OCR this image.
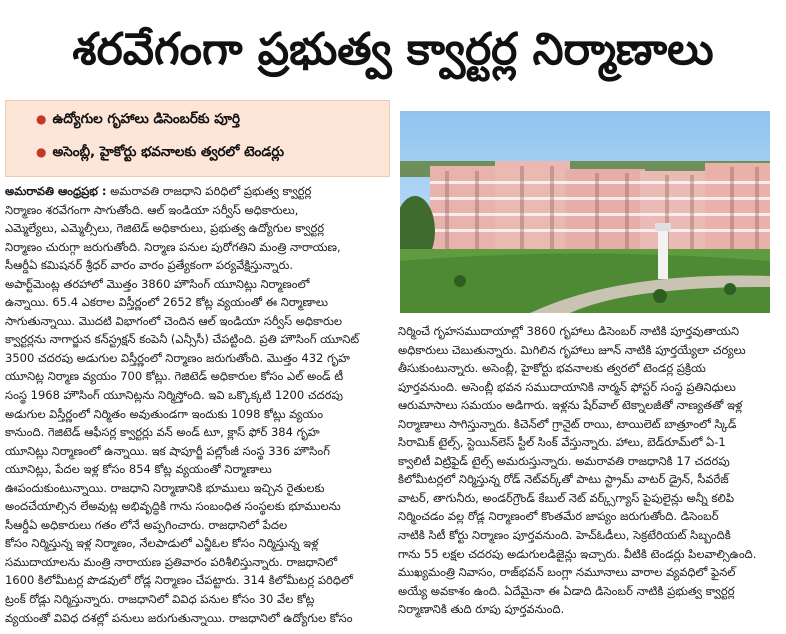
శరవేగంగా ప్రభుత్వ క్వార్టర్ల నిర్మాణాలు
● ఉద్యోగుల గృహాలు డిసెంబర్‌కు పూర్తి
● అసెంబ్లీ, హైకోర్టు భవనాలకు త్వరలో టెండర్లు
అమరావతి ఆంధ్రప్రభ : అమరావతి రాజధాని పరిధిలో ప్రభుత్వ క్వార్టర్ల
నిర్మాణం శరవేగంగా సాగుతోంది. ఆల్ ఇండియా సర్వీస్ అధికారులు,
ఎమ్మెల్యేలు, ఎమ్మెల్సీలు, గెజిటెడ్ అధికారులు, ప్రభుత్వ ఉద్యోగుల క్వార్టర్ల
నిర్మాణం చురుగ్గా జరుగుతోంది. నిర్మాణ పనుల పురోగతిని మంత్రి నారాయణ,
సీఆర్డీఏ కమిషనర్ శ్రీధర్ వారం వారం ప్రత్యేకంగా పర్యవేక్షిస్తున్నారు.
అపార్ట్‌మెంట్ల తరహాలో మొత్తం 3860 హౌసింగ్ యూనిట్లు నిర్మాణంలో
ఉన్నాయి. 65.4 ఎకరాల విస్తీర్ణంలో 2652 కోట్ల వ్యయంతో ఈ నిర్మాణాలు
సాగుతున్నాయి. మొదటి విభాగంలో చెందిన ఆల్ ఇండియా సర్వీస్ అధికారుల
క్వార్టర్లను నాగార్జున కన్‌స్ట్రక్షన్ కంపెనీ (ఎన్సీసీ) చేపట్టింది. ప్రతి హౌసింగ్ యూనిట్
3500 చదరపు అడుగుల విస్తీర్ణంలో నిర్మాణం జరుగుతోంది. మొత్తం 432 గృహ
యూనిట్ల నిర్మాణ వ్యయం 700 కోట్లు. గెజిటెడ్ అధికారుల కోసం ఎల్ అండ్ టీ
సంస్థ 1968 హౌసింగ్ యూనిట్లను నిర్మిస్తోంది. ఇవి ఒక్కొక్కటి 1200 చదరపు
అడుగుల విస్తీర్ణంలో నిర్మితం అవుతుండగా ఇందుకు 1098 కోట్లు వ్యయం
కానుంది. గెజిటెడ్ ఆఫీసర్ల క్వార్టర్లు వన్ అండ్ టూ, క్లాస్ ఫోర్ 384 గృహ
యూనిట్లు నిర్మాణంలో ఉన్నాయి. ఇక షాపూర్జీ పల్లోంజీ సంస్థ 336 హౌసింగ్
యూనిట్లు, పేదల ఇళ్ల కోసం 854 కోట్ల వ్యయంతో నిర్మాణాలు
ఊపందుకుంటున్నాయి. రాజధాని నిర్మాణానికి భూములు ఇచ్చిన రైతులకు
అందచేయాల్సిన లేఅవుట్ల అభివృద్ధికి గాను సంబంధిత సంస్థలకు భూములను
సీఆర్డీఏ అధికారులు గతం లోనే అప్పగించారు. రాజధానిలో పేదల
కోసం నిర్మిస్తున్న ఇళ్ల నిర్మాణం, నేలపాడులో ఎన్జీఓల కోసం నిర్మిస్తున్న ఇళ్ల
సముదాయాలను మంత్రి నారాయణ ప్రతివారం పరిశీలిస్తున్నారు. రాజధానిలో
1600 కిలోమీటర్ల పొడవులో రోడ్ల నిర్మాణం చేపట్టారు. 314 కిలోమీటర్ల పరిధిలో
ట్రంక్ రోడ్లు నిర్మిస్తున్నారు. రాజధానిలో వివిధ పనుల కోసం 30 వేల కోట్ల
వ్యయంతో వివిధ దశల్లో పనులు జరుగుతున్నాయి. రాజధానిలో ఉద్యోగుల కోసం
నిర్మించే గృహసముదాయాల్లో 3860 గృహాలు డిసెంబర్ నాటికి పూర్తవుతాయని
అధికారులు చెబుతున్నారు. మిగిలిన గృహాలు జూన్ నాటికి పూర్తయ్యేలా చర్యలు
తీసుకుంటున్నారు. అసెంబ్లీ, హైకోర్టు భవనాలకు త్వరలో టెండర్ల ప్రక్రియ
పూర్తవనుంది. అసెంబ్లీ భవన సముదాయానికి నార్మన్ ఫోస్టర్ సంస్థ ప్రతినిధులు
ఆరుమాసాలు సమయం అడిగారు. ఇళ్లను షేర్‌వాల్ టెక్నాలజీతో నాణ్యతతో ఇళ్ల
నిర్మాణాలు సాగిస్తున్నారు. కిచెన్‌లో గ్రానైట్ రాయి, టాయిలెట్ బాత్రూంలో స్కిడ్
సిరామిక్ టైల్స్, స్టెయిన్‌లెస్ స్టీల్ సింక్ వేస్తున్నారు. హాలు, బెడ్‌రూమ్‌లో ఏ-1
క్వాలిటీ విట్రిఫైడ్ టైల్స్ అమరుస్తున్నారు. అమరావతి రాజధానికి 17 చదరపు
కిలోమీటర్లలో నిర్మిస్తున్న రోడ్ నెట్‌వర్క్‌తో పాటు స్ట్రామ్ వాటర్ డ్రైన్, సీవరేజ్
వాటర్, తాగునీరు, అండర్‌గ్రౌండ్ కేబుల్ నెట్ వర్క్స్‌గ్యాస్ పైపులైన్లు అన్నీ కలిపి
నిర్మించడం వల్ల రోడ్ల నిర్మాణంలో కొంతమేర జాప్యం జరుగుతోంది. డిసెంబర్
నాటికి సిటీ కోర్టు నిర్మాణం పూర్తవనుంది. హెచ్ఓడీలు, సెక్రటేరియట్ సిబ్బందికి
గాను 55 లక్షల చదరపు అడుగులడిజైన్లు ఇచ్చారు. వీటికి టెండర్లు పిలవాల్సిఉంది.
ముఖ్యమంత్రి నివాసం, రాజ్‌భవన్ బంగ్లా నమూనాలు వారాల వ్యవధిలో ఫైనల్
అయ్యే అవకాశం ఉంది. ఏదేమైనా ఈ ఏడాది డిసెంబర్ నాటికి ప్రభుత్వ క్వార్టర్ల
నిర్మాణానికి తుది రూపు పూర్తవనుంది.
